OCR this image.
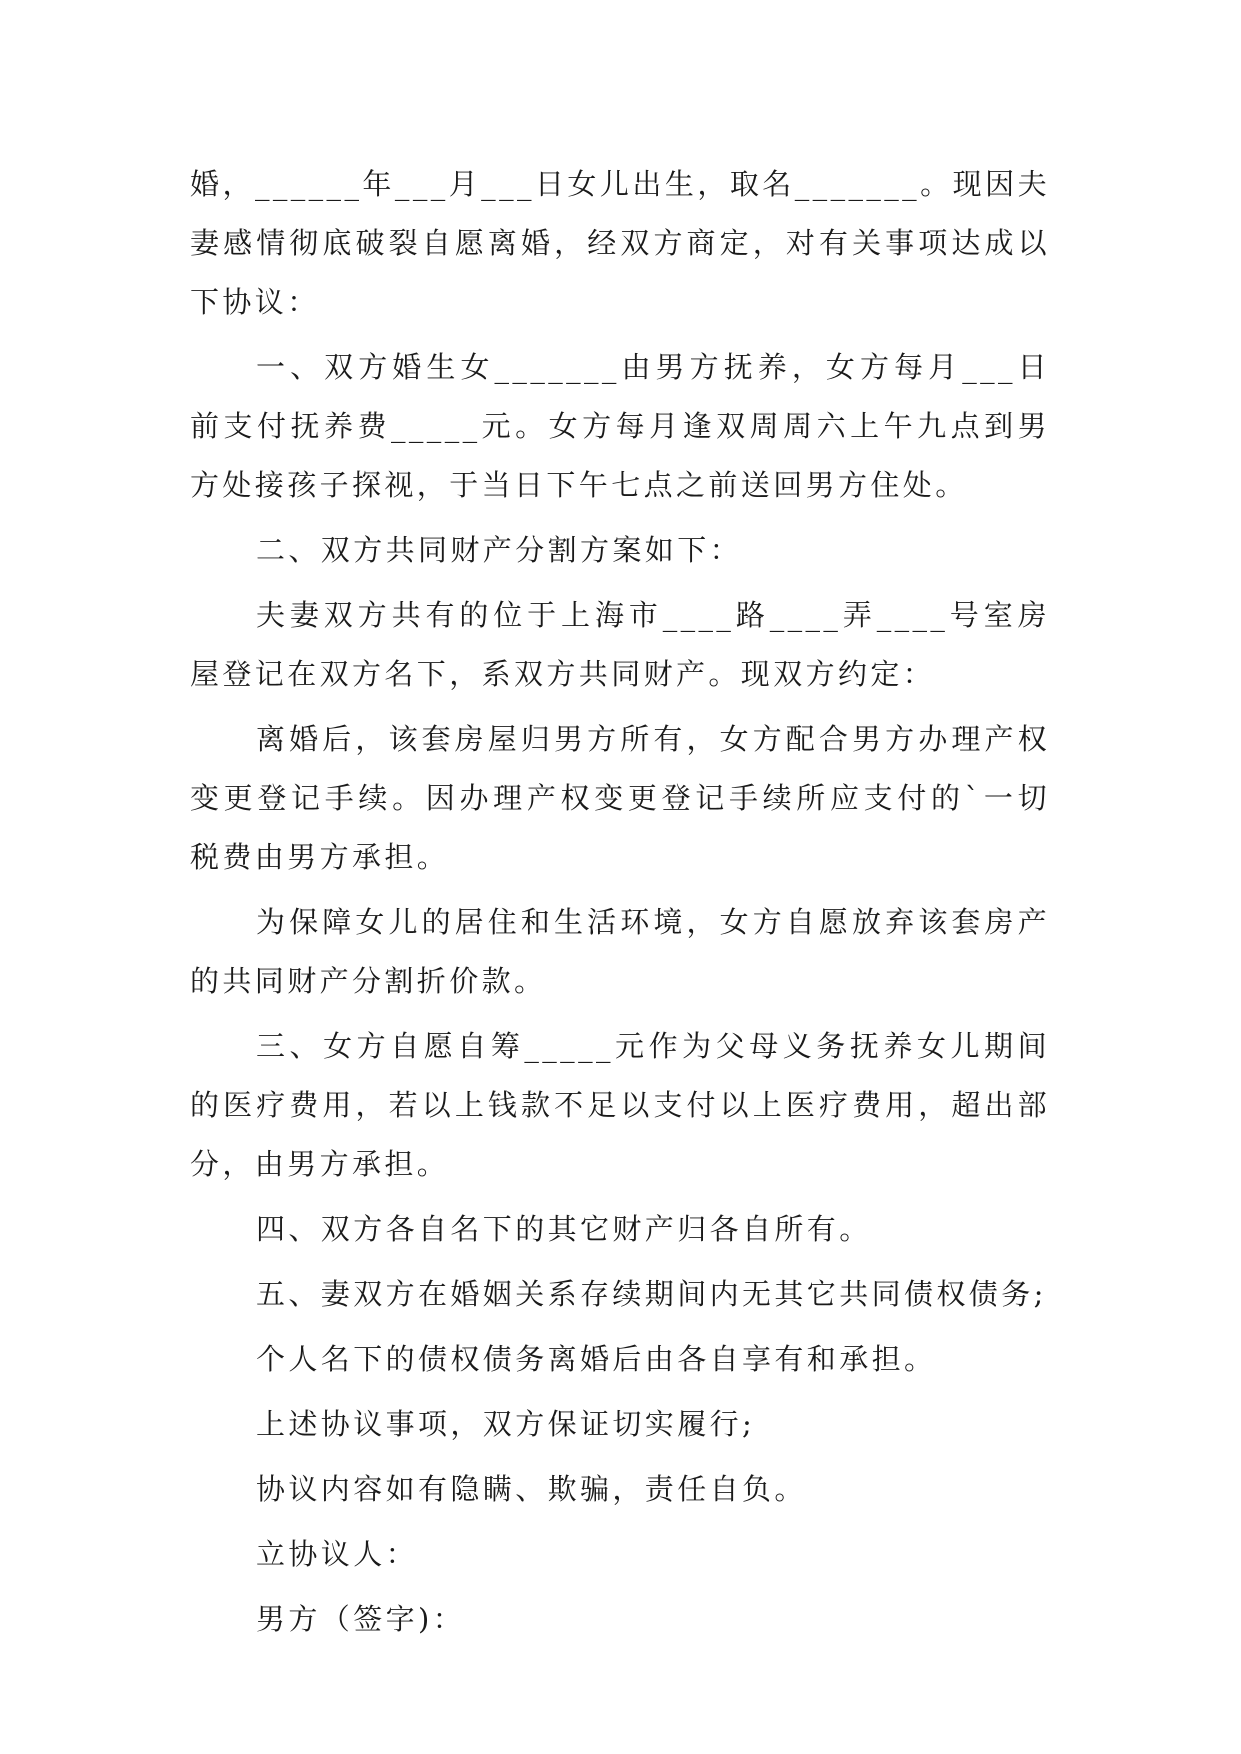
婚，______年___月___日女儿出生，取名_______。现因夫妻感情彻底破裂自愿离婚，经双方商定，对有关事项达成以下协议：

一、双方婚生女_______由男方抚养，女方每月___日前支付抚养费_____元。女方每月逢双周周六上午九点到男方处接孩子探视，于当日下午七点之前送回男方住处。

二、双方共同财产分割方案如下：

夫妻双方共有的位于上海市____路____弄____号室房屋登记在双方名下，系双方共同财产。现双方约定：

离婚后，该套房屋归男方所有，女方配合男方办理产权变更登记手续。因办理产权变更登记手续所应支付的`一切税费由男方承担。

为保障女儿的居住和生活环境，女方自愿放弃该套房产的共同财产分割折价款。

三、女方自愿自筹_____元作为父母义务抚养女儿期间的医疗费用，若以上钱款不足以支付以上医疗费用，超出部分，由男方承担。

四、双方各自名下的其它财产归各自所有。

五、妻双方在婚姻关系存续期间内无其它共同债权债务;

个人名下的债权债务离婚后由各自享有和承担。

上述协议事项，双方保证切实履行;

协议内容如有隐瞒、欺骗，责任自负。

立协议人：

男方（签字)：
